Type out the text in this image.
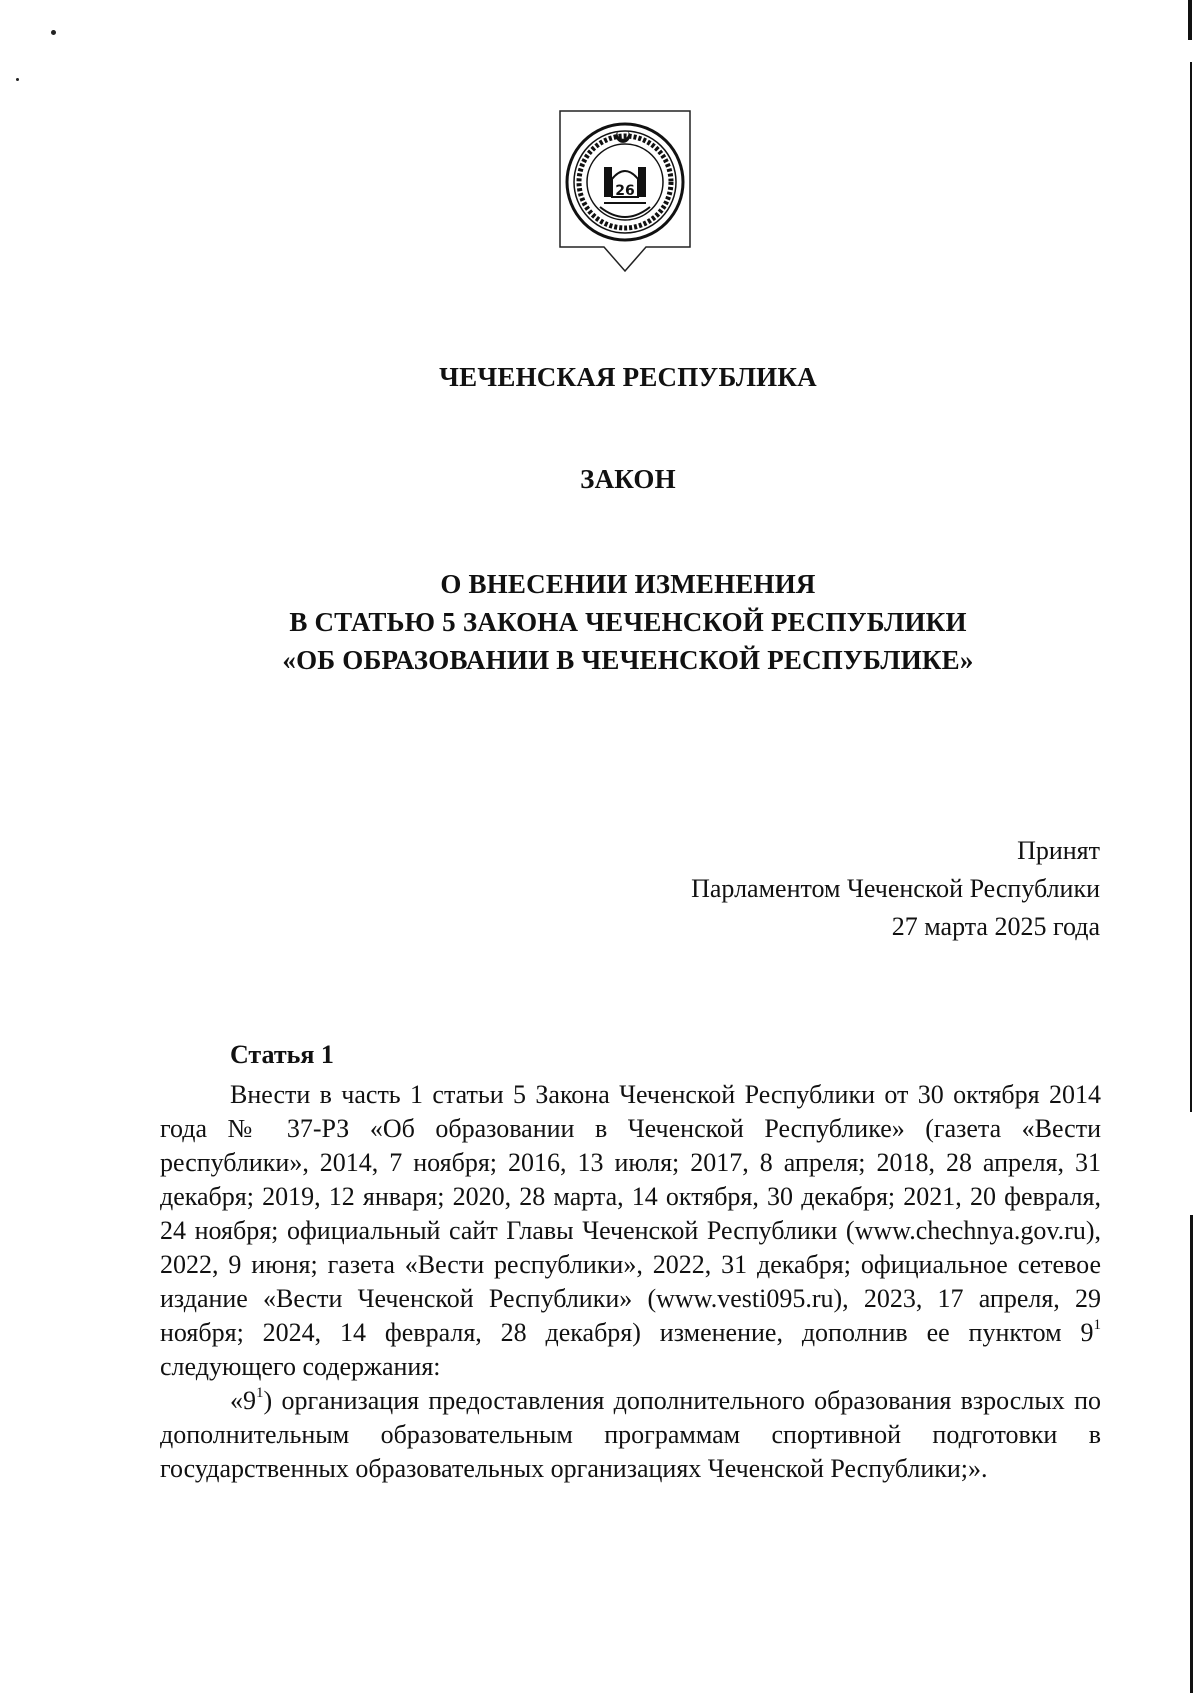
26
ЧЕЧЕНСКАЯ РЕСПУБЛИКА
ЗАКОН
О ВНЕСЕНИИ ИЗМЕНЕНИЯ
В СТАТЬЮ 5 ЗАКОНА ЧЕЧЕНСКОЙ РЕСПУБЛИКИ
«ОБ ОБРАЗОВАНИИ В ЧЕЧЕНСКОЙ РЕСПУБЛИКЕ»
Принят
Парламентом Чеченской Республики
27 марта 2025 года
Статья 1

Внести в часть 1 статьи 5 Закона Чеченской Республики от 30 октября 2014 года № 37-РЗ «Об образовании в Чеченской Республике» (газета «Вести республики», 2014, 7 ноября; 2016, 13 июля; 2017, 8 апреля; 2018, 28 апреля, 31 декабря; 2019, 12 января; 2020, 28 марта, 14 октября, 30 декабря; 2021, 20 февраля, 24 ноября; официальный сайт Главы Чеченской Республики (www.chechnya.gov.ru), 2022, 9 июня; газета «Вести республики», 2022, 31 декабря; официальное сетевое издание «Вести Чеченской Республики» (www.vesti095.ru), 2023, 17 апреля, 29 ноября; 2024, 14 февраля, 28 декабря) изменение, дополнив ее пунктом $9^1$ следующего содержания:

«$9^1$) организация предоставления дополнительного образования взрослых по дополнительным образовательным программам спортивной подготовки в государственных образовательных организациях Чеченской Республики;».
